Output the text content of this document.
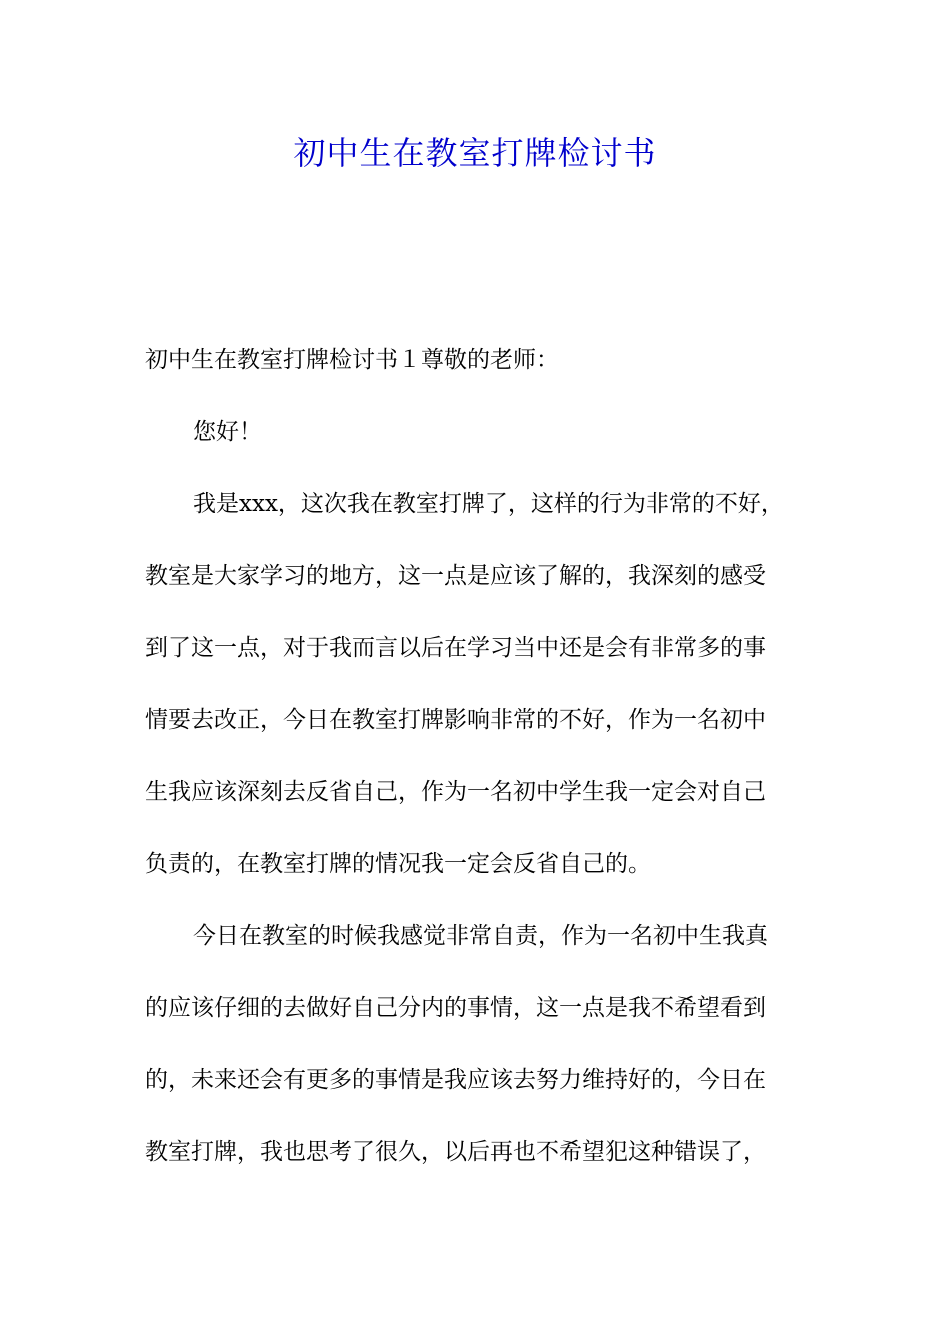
初中生在教室打牌检讨书
初中生在教室打牌检讨书１尊敬的老师：
您好！
我是xxx，这次我在教室打牌了，这样的行为非常的不好，
教室是大家学习的地方，这一点是应该了解的，我深刻的感受
到了这一点，对于我而言以后在学习当中还是会有非常多的事
情要去改正，今日在教室打牌影响非常的不好，作为一名初中
生我应该深刻去反省自己，作为一名初中学生我一定会对自己
负责的，在教室打牌的情况我一定会反省自己的。
今日在教室的时候我感觉非常自责，作为一名初中生我真
的应该仔细的去做好自己分内的事情，这一点是我不希望看到
的，未来还会有更多的事情是我应该去努力维持好的，今日在
教室打牌，我也思考了很久，以后再也不希望犯这种错误了，
